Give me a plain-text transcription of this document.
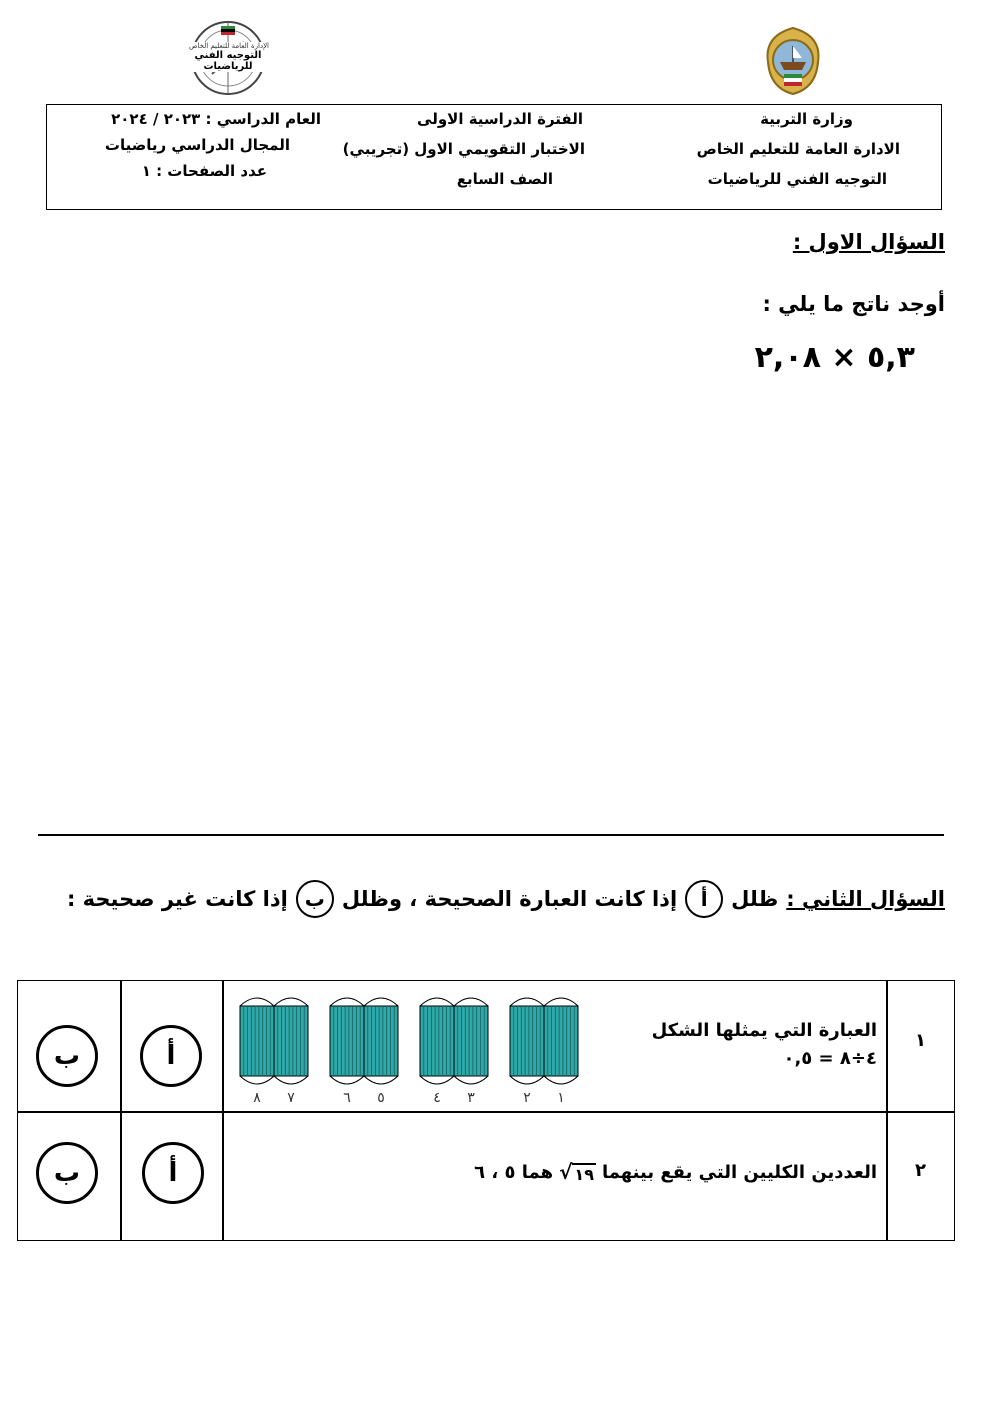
الإدارة العامة للتعليم الخاص
التوجيه الفني للرياضيات
وزارة التربية
الادارة العامة للتعليم الخاص
التوجيه الفني للرياضيات
الفترة الدراسية الاولى
الاختبار التقويمي الاول (تجريبي)
الصف السابع
العام الدراسي : ٢٠٢٣ / ٢٠٢٤
المجال الدراسي رياضيات
عدد الصفحات : ١
السؤال الاول :
أوجد ناتج ما يلي :
٥,٣ × ٢,٠٨
السؤال الثاني :
ظلل
أ
إذا كانت العبارة الصحيحة ، وظلل
ب
إذا كانت غير صحيحة :
١
العبارة التي يمثلها الشكل
٤÷٨ = ٠,٥
١
٢
٣
٤
٥
٦
٧
٨
أ
ب
٢
العددين الكليين التي يقع بينهما
√ ١٩
هما ٥ ، ٦
أ
ب
